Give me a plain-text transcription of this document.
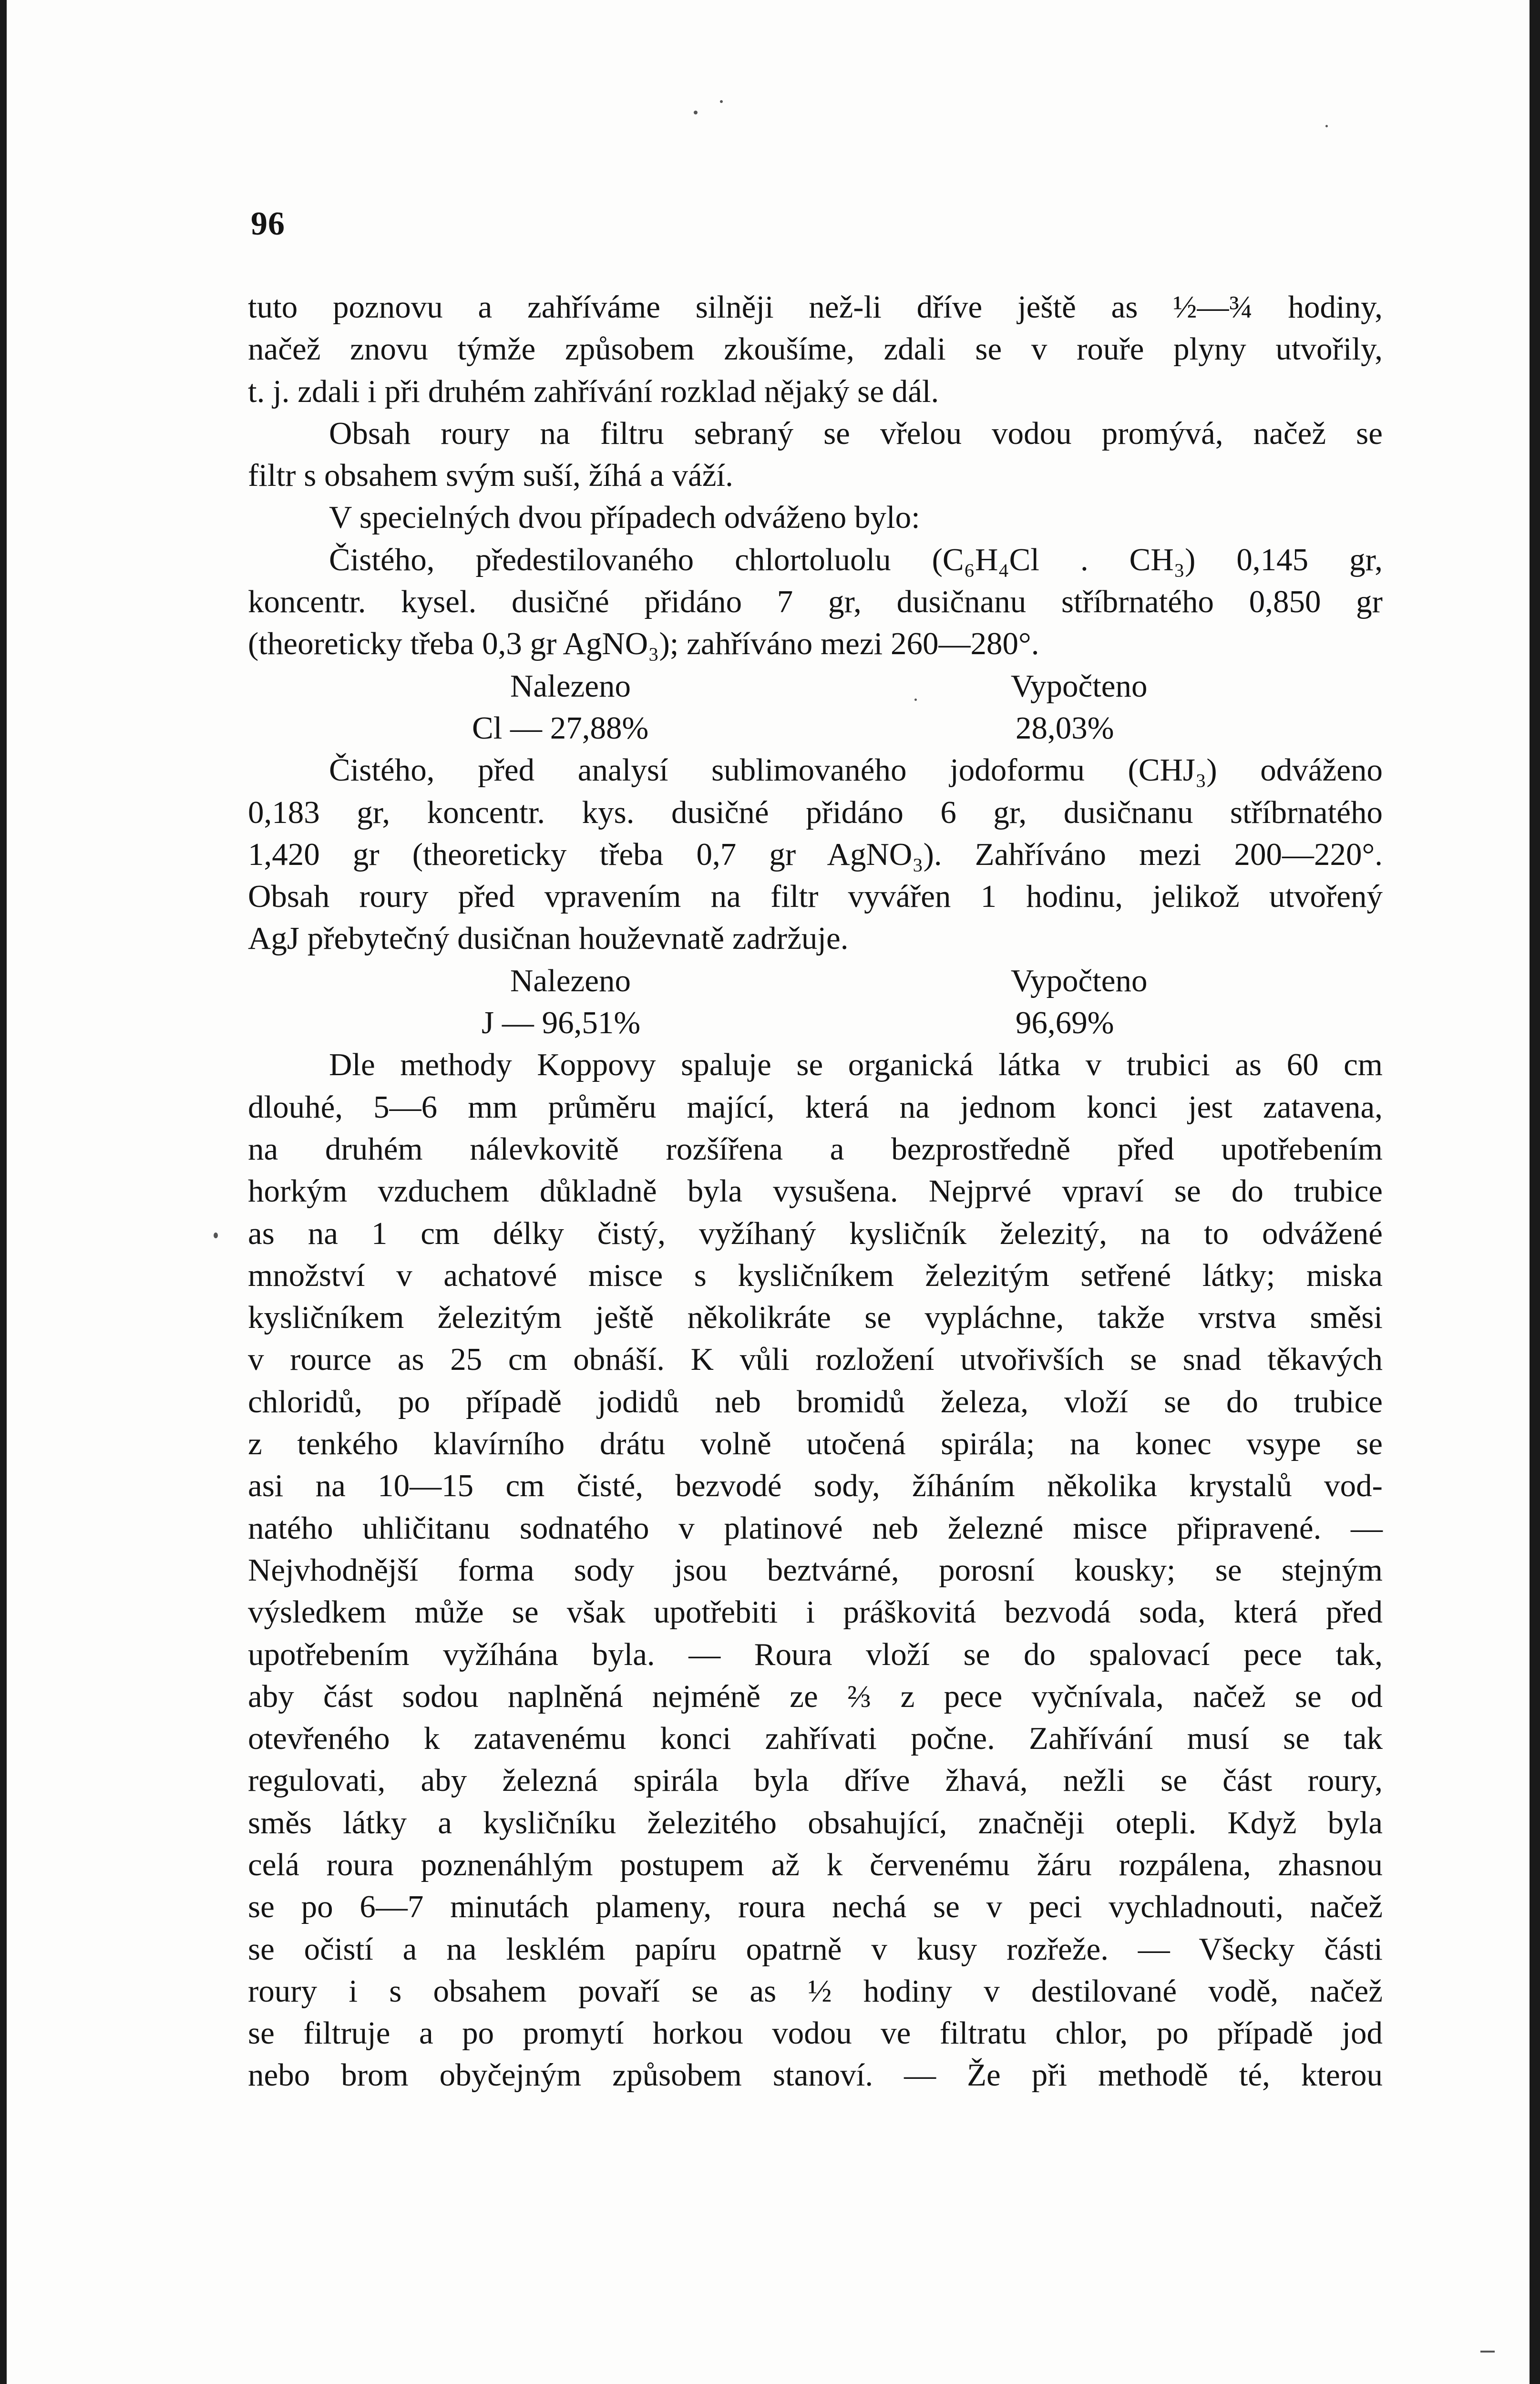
96
tuto poznovu a zahříváme silněji než-li dříve ještě as ½—¾ hodiny,
načež znovu týmže způsobem zkoušíme, zdali se v rouře plyny utvořily,
t. j. zdali i při druhém zahřívání rozklad nějaký se dál.
Obsah roury na filtru sebraný se vřelou vodou promývá, načež se
filtr s obsahem svým suší, žíhá a váží.
V specielných dvou případech odváženo bylo:
Čistého, předestilovaného chlortoluolu (C₆H₄Cl . CH₃) 0,145 gr,
koncentr. kysel. dusičné přidáno 7 gr, dusičnanu stříbrnatého 0,850 gr
(theoreticky třeba 0,3 gr AgNO₃); zahříváno mezi 260—280°.
Nalezeno	Vypočteno
Cl — 27,88%	28,03%
Čistého, před analysí sublimovaného jodoformu (CHJ₃) odváženo
0,183 gr, koncentr. kys. dusičné přidáno 6 gr, dusičnanu stříbrnatého
1,420 gr (theoreticky třeba 0,7 gr AgNO₃). Zahříváno mezi 200—220°.
Obsah roury před vpravením na filtr vyvářen 1 hodinu, jelikož utvořený
AgJ přebytečný dusičnan houževnatě zadržuje.
Nalezeno	Vypočteno
J — 96,51%	96,69%
Dle methody Koppovy spaluje se organická látka v trubici as 60 cm
dlouhé, 5—6 mm průměru mající, která na jednom konci jest zatavena,
na druhém nálevkovitě rozšířena a bezprostředně před upotřebením
horkým vzduchem důkladně byla vysušena. Nejprvé vpraví se do trubice
as na 1 cm délky čistý, vyžíhaný kysličník železitý, na to odvážené
množství v achatové misce s kysličníkem železitým setřené látky; miska
kysličníkem železitým ještě několikráte se vypláchne, takže vrstva směsi
v rource as 25 cm obnáší. K vůli rozložení utvořivších se snad těkavých
chloridů, po případě jodidů neb bromidů železa, vloží se do trubice
z tenkého klavírního drátu volně utočená spirála; na konec vsype se
asi na 10—15 cm čisté, bezvodé sody, žíháním několika krystalů vod-
natého uhličitanu sodnatého v platinové neb železné misce připravené. —
Nejvhodnější forma sody jsou beztvárné, porosní kousky; se stejným
výsledkem může se však upotřebiti i práškovitá bezvodá soda, která před
upotřebením vyžíhána byla. — Roura vloží se do spalovací pece tak,
aby část sodou naplněná nejméně ze ⅔ z pece vyčnívala, načež se od
otevřeného k zatavenému konci zahřívati počne. Zahřívání musí se tak
regulovati, aby železná spirála byla dříve žhavá, nežli se část roury,
směs látky a kysličníku železitého obsahující, značněji otepli. Když byla
celá roura poznenáhlým postupem až k červenému žáru rozpálena, zhasnou
se po 6—7 minutách plameny, roura nechá se v peci vychladnouti, načež
se očistí a na lesklém papíru opatrně v kusy rozřeže. — Všecky části
roury i s obsahem povaří se as ½ hodiny v destilované vodě, načež
se filtruje a po promytí horkou vodou ve filtratu chlor, po případě jod
nebo brom obyčejným způsobem stanoví. — Že při methodě té, kterou
